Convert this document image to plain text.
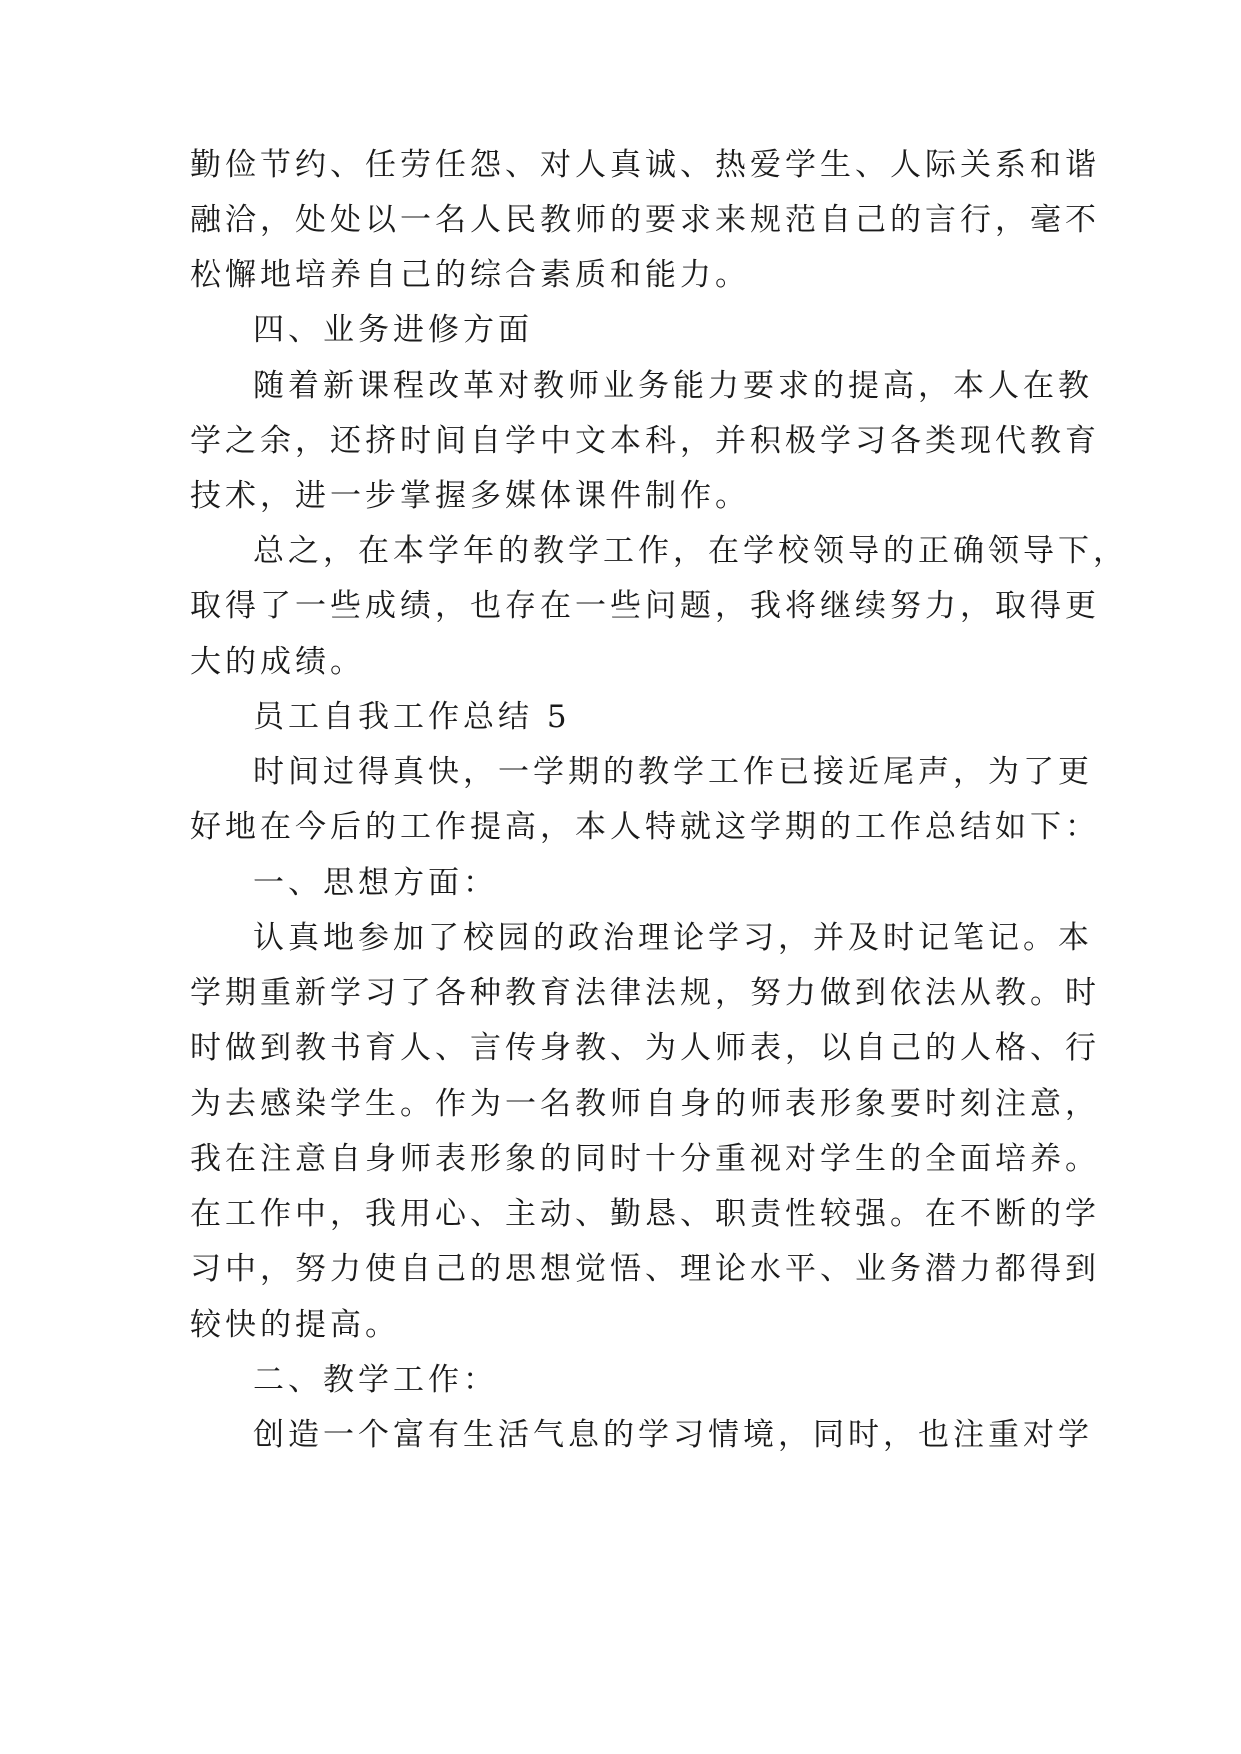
勤俭节约、任劳任怨、对人真诚、热爱学生、人际关系和谐
融洽，处处以一名人民教师的要求来规范自己的言行，毫不
松懈地培养自己的综合素质和能力。
四、业务进修方面
随着新课程改革对教师业务能力要求的提高，本人在教
学之余，还挤时间自学中文本科，并积极学习各类现代教育
技术，进一步掌握多媒体课件制作。
总之，在本学年的教学工作，在学校领导的正确领导下，
取得了一些成绩，也存在一些问题，我将继续努力，取得更
大的成绩。
员工自我工作总结 5
时间过得真快，一学期的教学工作已接近尾声，为了更
好地在今后的工作提高，本人特就这学期的工作总结如下：
一、思想方面：
认真地参加了校园的政治理论学习，并及时记笔记。本
学期重新学习了各种教育法律法规，努力做到依法从教。时
时做到教书育人、言传身教、为人师表，以自己的人格、行
为去感染学生。作为一名教师自身的师表形象要时刻注意，
我在注意自身师表形象的同时十分重视对学生的全面培养。
在工作中，我用心、主动、勤恳、职责性较强。在不断的学
习中，努力使自己的思想觉悟、理论水平、业务潜力都得到
较快的提高。
二、教学工作：
创造一个富有生活气息的学习情境，同时，也注重对学
